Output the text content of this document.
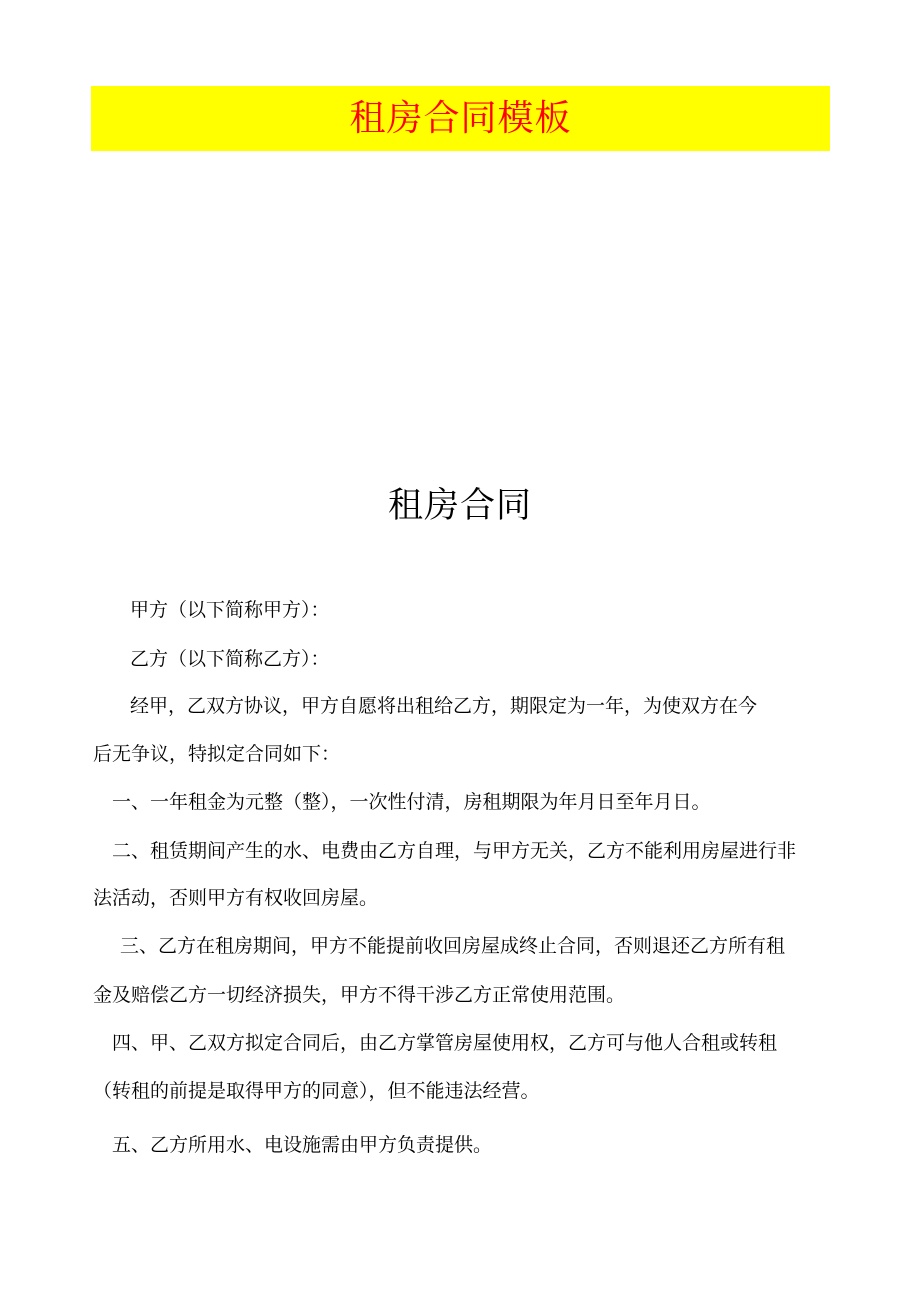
租房合同模板
租房合同
甲方（以下简称甲方）：
乙方（以下简称乙方）：
经甲，乙双方协议，甲方自愿将出租给乙方，期限定为一年，为使双方在今
后无争议，特拟定合同如下：
一、一年租金为元整（整），一次性付清，房租期限为年月日至年月日。
二、租赁期间产生的水、电费由乙方自理，与甲方无关，乙方不能利用房屋进行非
法活动，否则甲方有权收回房屋。
三、乙方在租房期间，甲方不能提前收回房屋成终止合同，否则退还乙方所有租
金及赔偿乙方一切经济损失，甲方不得干涉乙方正常使用范围。
四、甲、乙双方拟定合同后，由乙方掌管房屋使用权，乙方可与他人合租或转租
（转租的前提是取得甲方的同意），但不能违法经营。
五、乙方所用水、电设施需由甲方负责提供。
